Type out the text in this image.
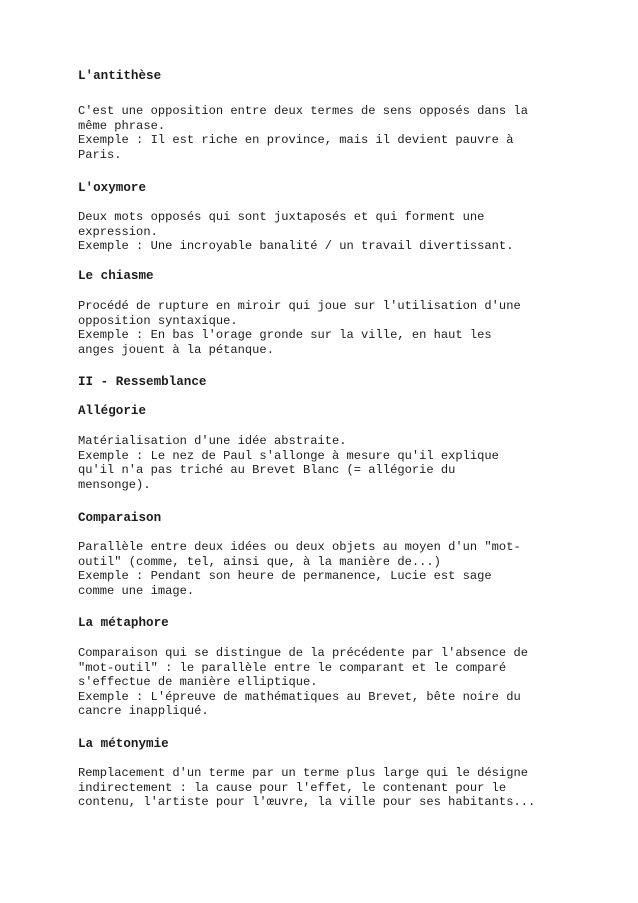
L'antithèse

C'est une opposition entre deux termes de sens opposés dans la
même phrase.
Exemple : Il est riche en province, mais il devient pauvre à
Paris.

L'oxymore

Deux mots opposés qui sont juxtaposés et qui forment une
expression.
Exemple : Une incroyable banalité / un travail divertissant.

Le chiasme

Procédé de rupture en miroir qui joue sur l'utilisation d'une
opposition syntaxique.
Exemple : En bas l'orage gronde sur la ville, en haut les
anges jouent à la pétanque.

II - Ressemblance

Allégorie

Matérialisation d'une idée abstraite.
Exemple : Le nez de Paul s'allonge à mesure qu'il explique
qu'il n'a pas triché au Brevet Blanc (= allégorie du
mensonge).

Comparaison

Parallèle entre deux idées ou deux objets au moyen d'un "mot-
outil" (comme, tel, ainsi que, à la manière de...)
Exemple : Pendant son heure de permanence, Lucie est sage
comme une image.

La métaphore

Comparaison qui se distingue de la précédente par l'absence de
"mot-outil" : le parallèle entre le comparant et le comparé
s'effectue de manière elliptique.
Exemple : L'épreuve de mathématiques au Brevet, bête noire du
cancre inappliqué.

La métonymie

Remplacement d'un terme par un terme plus large qui le désigne
indirectement : la cause pour l'effet, le contenant pour le
contenu, l'artiste pour l'œuvre, la ville pour ses habitants...
